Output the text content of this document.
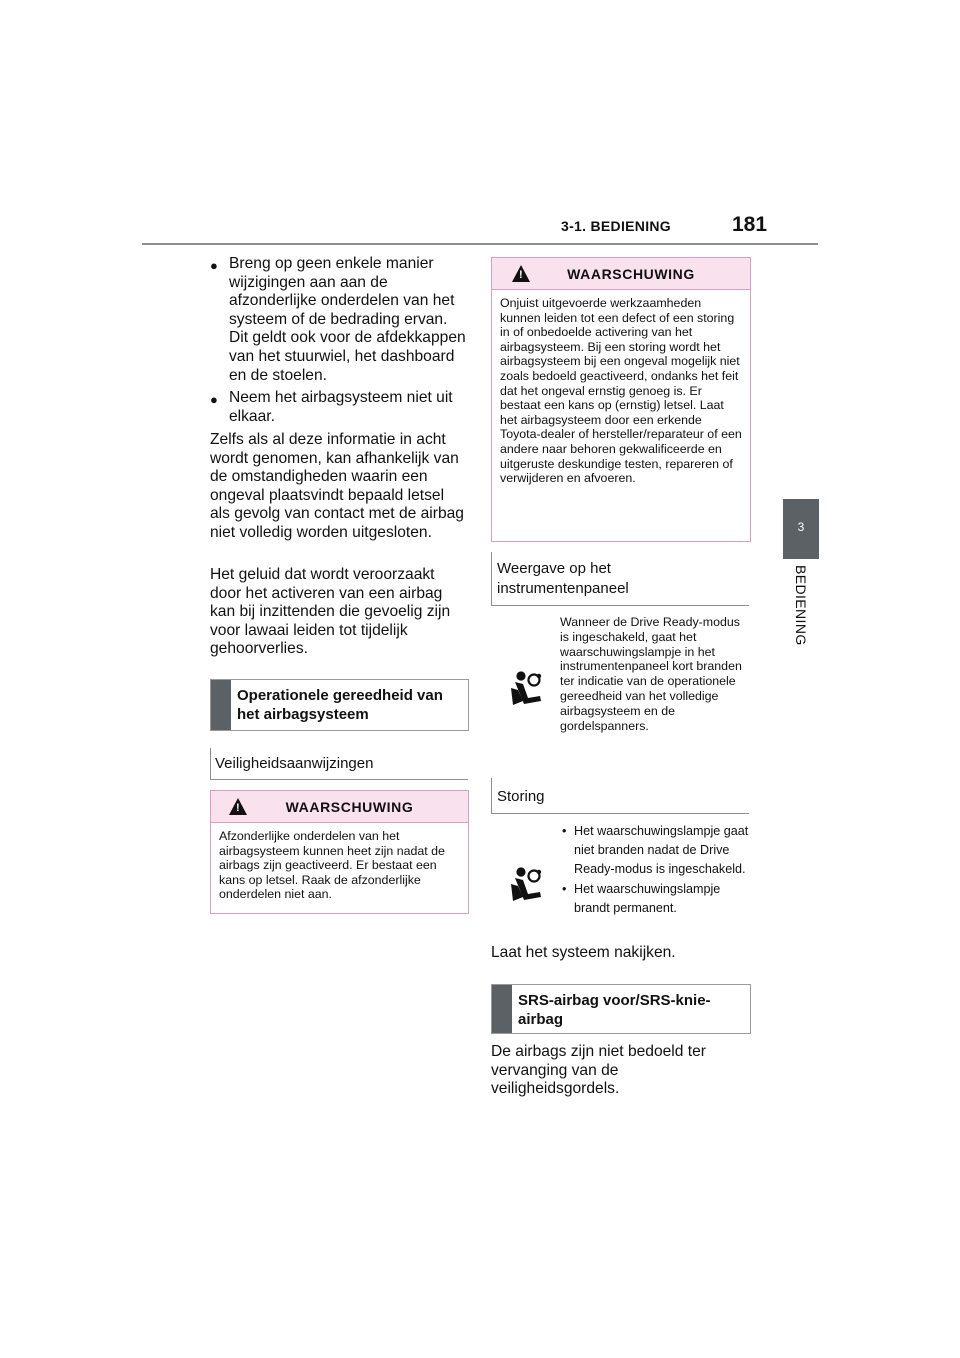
3-1. BEDIENING	181
3
BEDIENING
● Breng op geen enkele manier wijzigingen aan aan de afzonderlijke onderdelen van het systeem of de bedrading ervan. Dit geldt ook voor de afdekkappen van het stuurwiel, het dashboard en de stoelen.
● Neem het airbagsysteem niet uit elkaar.
Zelfs als al deze informatie in acht wordt genomen, kan afhankelijk van de omstandigheden waarin een ongeval plaatsvindt bepaald letsel als gevolg van contact met de airbag niet volledig worden uitgesloten.
Het geluid dat wordt veroorzaakt door het activeren van een airbag kan bij inzittenden die gevoelig zijn voor lawaai leiden tot tijdelijk gehoorverlies.
Operationele gereedheid van het airbagsysteem
Veiligheidsaanwijzingen
!	WAARSCHUWING
Afzonderlijke onderdelen van het airbagsysteem kunnen heet zijn nadat de airbags zijn geactiveerd. Er bestaat een kans op letsel. Raak de afzonderlijke onderdelen niet aan.
!	WAARSCHUWING
Onjuist uitgevoerde werkzaamheden kunnen leiden tot een defect of een storing in of onbedoelde activering van het airbagsysteem. Bij een storing wordt het airbagsysteem bij een ongeval mogelijk niet zoals bedoeld geactiveerd, ondanks het feit dat het ongeval ernstig genoeg is. Er bestaat een kans op (ernstig) letsel. Laat het airbagsysteem door een erkende Toyota-dealer of hersteller/reparateur of een andere naar behoren gekwalificeerde en uitgeruste deskundige testen, repareren of verwijderen en afvoeren.
Weergave op het instrumentenpaneel
Wanneer de Drive Ready-modus is ingeschakeld, gaat het waarschuwingslampje in het instrumentenpaneel kort branden ter indicatie van de operationele gereedheid van het volledige airbagsysteem en de gordelspanners.
Storing
• Het waarschuwingslampje gaat niet branden nadat de Drive Ready-modus is ingeschakeld.
• Het waarschuwingslampje brandt permanent.
Laat het systeem nakijken.
SRS-airbag voor/SRS-knie-airbag
De airbags zijn niet bedoeld ter vervanging van de veiligheidsgordels.
